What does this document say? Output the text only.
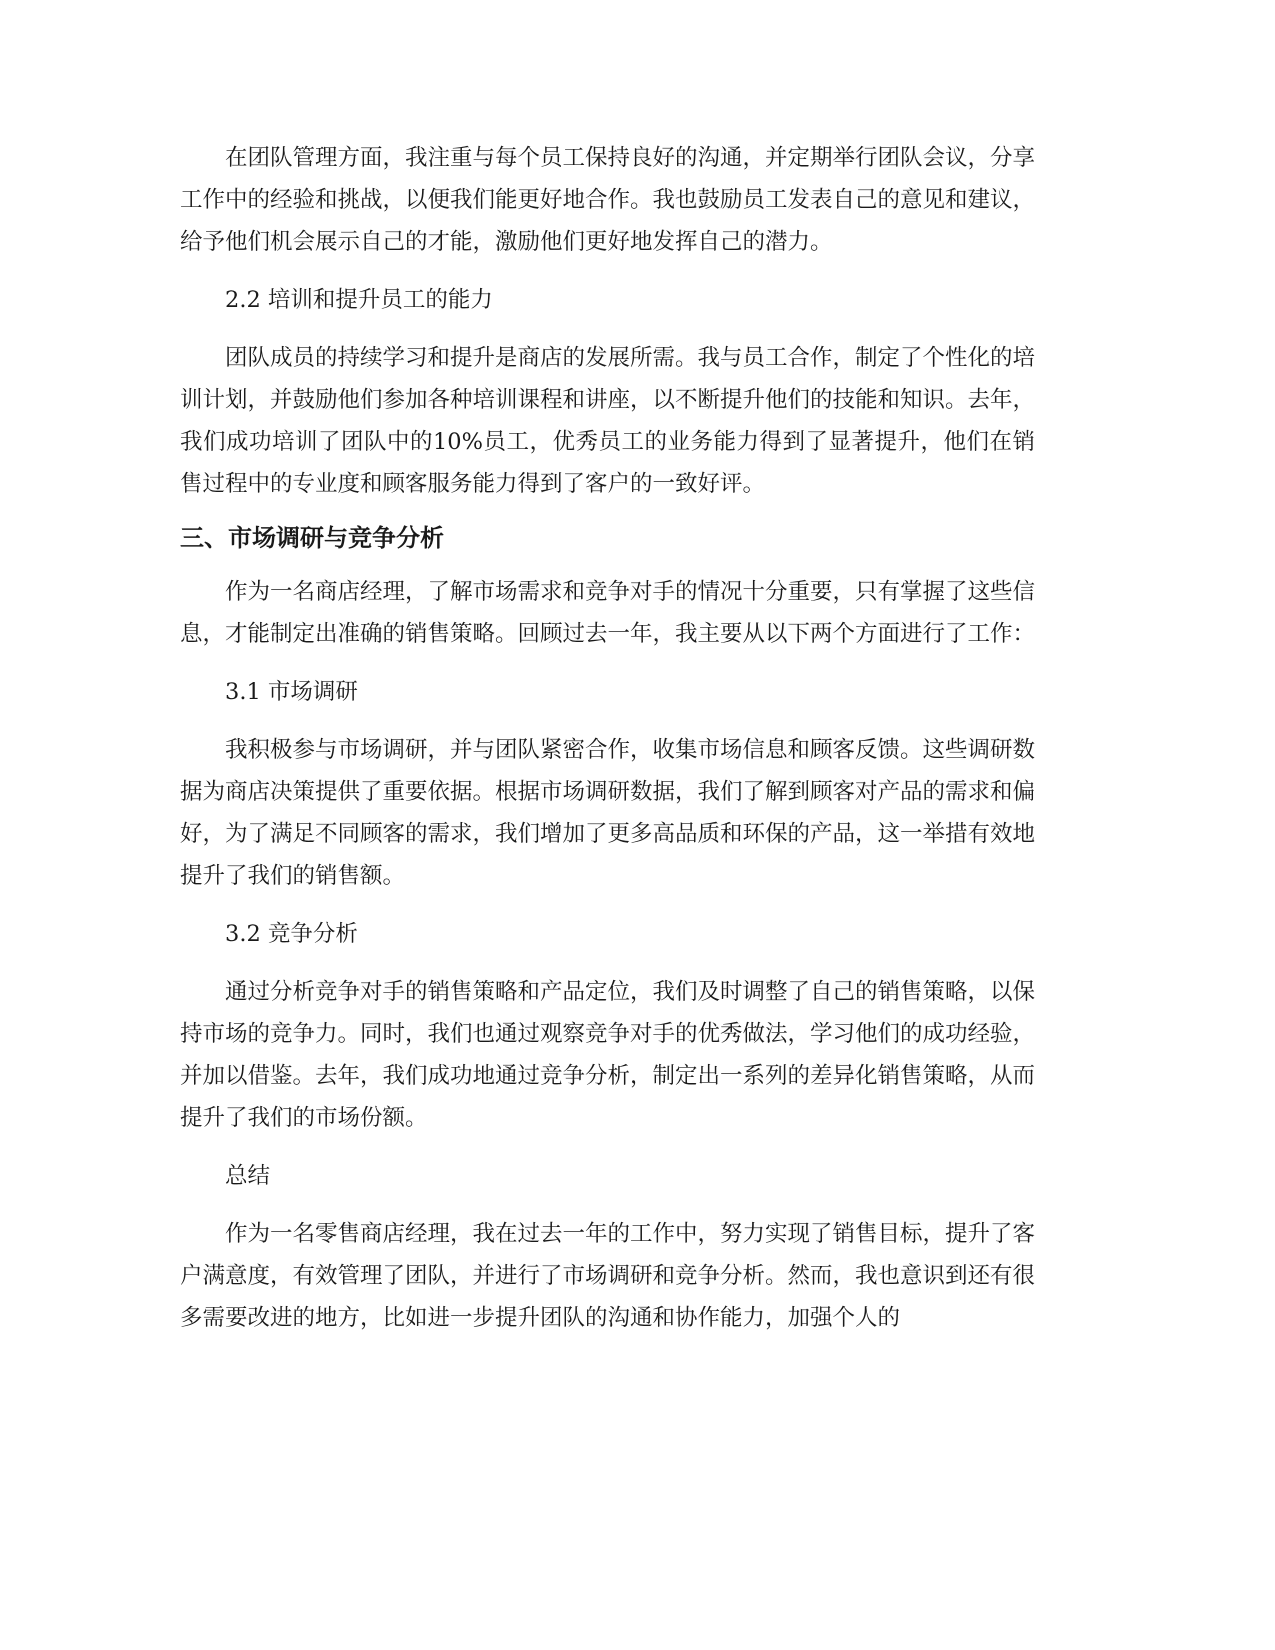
在团队管理方面，我注重与每个员工保持良好的沟通，并定期举行团队会议，分享工作中的经验和挑战，以便我们能更好地合作。我也鼓励员工发表自己的意见和建议，给予他们机会展示自己的才能，激励他们更好地发挥自己的潜力。

2.2 培训和提升员工的能力

团队成员的持续学习和提升是商店的发展所需。我与员工合作，制定了个性化的培训计划，并鼓励他们参加各种培训课程和讲座，以不断提升他们的技能和知识。去年，我们成功培训了团队中的10%员工，优秀员工的业务能力得到了显著提升，他们在销售过程中的专业度和顾客服务能力得到了客户的一致好评。

三、市场调研与竞争分析

作为一名商店经理，了解市场需求和竞争对手的情况十分重要，只有掌握了这些信息，才能制定出准确的销售策略。回顾过去一年，我主要从以下两个方面进行了工作：

3.1 市场调研

我积极参与市场调研，并与团队紧密合作，收集市场信息和顾客反馈。这些调研数据为商店决策提供了重要依据。根据市场调研数据，我们了解到顾客对产品的需求和偏好，为了满足不同顾客的需求，我们增加了更多高品质和环保的产品，这一举措有效地提升了我们的销售额。

3.2 竞争分析

通过分析竞争对手的销售策略和产品定位，我们及时调整了自己的销售策略，以保持市场的竞争力。同时，我们也通过观察竞争对手的优秀做法，学习他们的成功经验，并加以借鉴。去年，我们成功地通过竞争分析，制定出一系列的差异化销售策略，从而提升了我们的市场份额。

总结

作为一名零售商店经理，我在过去一年的工作中，努力实现了销售目标，提升了客户满意度，有效管理了团队，并进行了市场调研和竞争分析。然而，我也意识到还有很多需要改进的地方，比如进一步提升团队的沟通和协作能力，加强个人的
